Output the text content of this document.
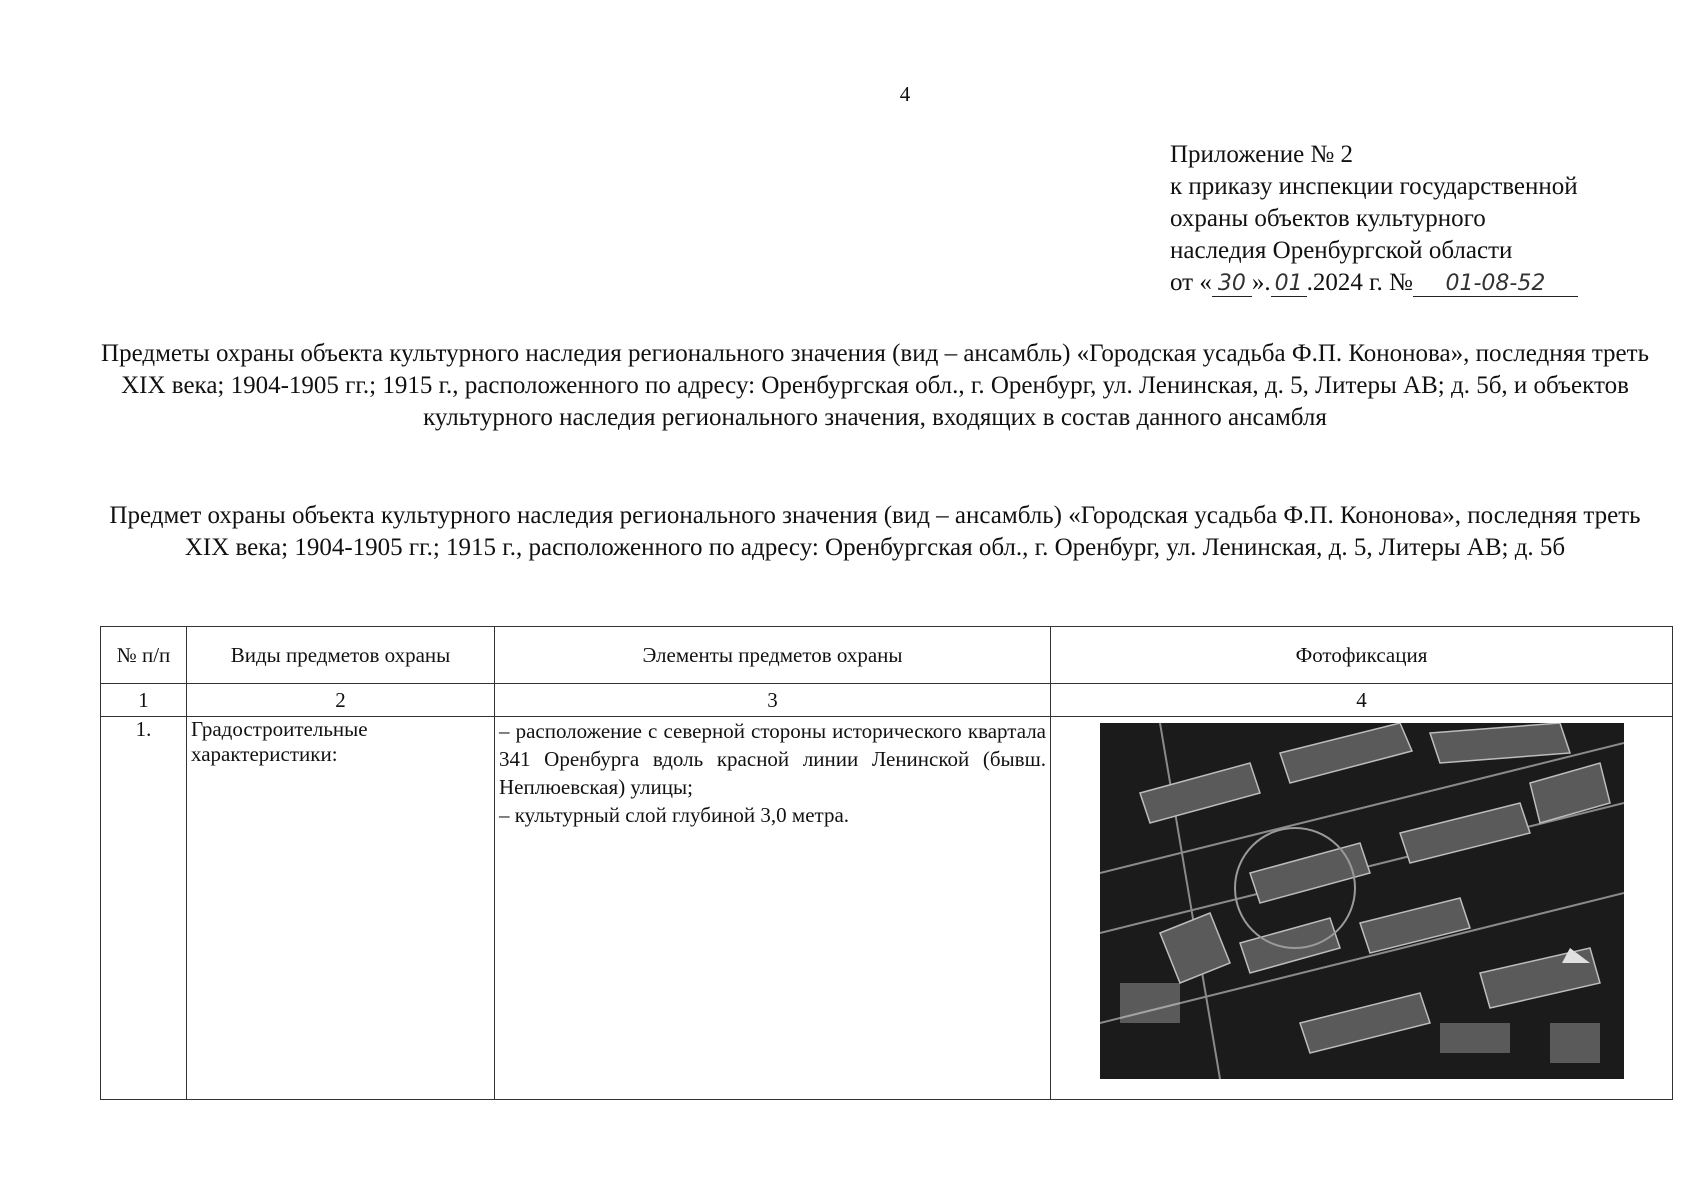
4
Приложение № 2
к приказу инспекции государственной
охраны объектов культурного
наследия Оренбургской области
от « 30 ». 01 .2024 г. № 01-08-52
Предметы охраны объекта культурного наследия регионального значения (вид – ансамбль) «Городская усадьба Ф.П. Кононова», последняя треть XIX века; 1904-1905 гг.; 1915 г., расположенного по адресу: Оренбургская обл., г. Оренбург, ул. Ленинская, д. 5, Литеры АВ; д. 5б, и объектов культурного наследия регионального значения, входящих в состав данного ансамбля
Предмет охраны объекта культурного наследия регионального значения (вид – ансамбль) «Городская усадьба Ф.П. Кононова», последняя треть XIX века; 1904-1905 гг.; 1915 г., расположенного по адресу: Оренбургская обл., г. Оренбург, ул. Ленинская, д. 5, Литеры АВ; д. 5б
№ п/п	Виды предметов охраны	Элементы предметов охраны	Фотофиксация
1	2	3	4
1.	Градостроительные характеристики:	– расположение с северной стороны исторического квартала 341 Оренбурга вдоль красной линии Ленинской (бывш. Неплюевская) улицы;
– культурный слой глубиной 3,0 метра.
